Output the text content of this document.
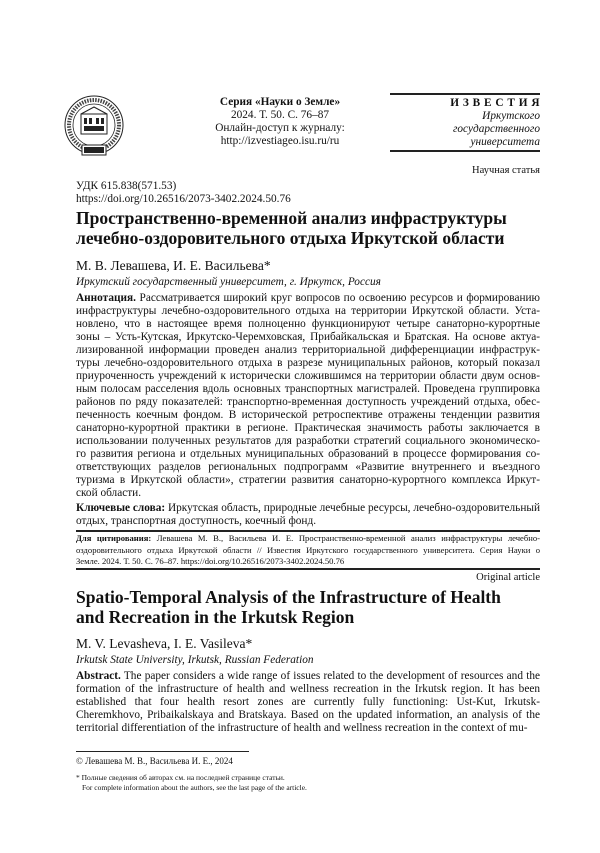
Серия «Науки о Земле»
2024. Т. 50. С. 76–87
Онлайн-доступ к журналу:
http://izvestiageo.isu.ru/ru
И З В Е С Т И Я
Иркутского
государственного
университета
Научная статья
УДК 615.838(571.53)
https://doi.org/10.26516/2073-3402.2024.50.76
Пространственно-временной анализ инфраструктуры
лечебно-оздоровительного отдыха Иркутской области
М. В. Левашева, И. Е. Васильева*
Иркутский государственный университет, г. Иркутск, Россия
Аннотация. Рассматривается широкий круг вопросов по освоению ресурсов и формированию
инфраструктуры лечебно-оздоровительного отдыха на территории Иркутской области. Уста-
новлено, что в настоящее время полноценно функционируют четыре санаторно-курортные
зоны – Усть-Кутская, Иркутско-Черемховская, Прибайкальская и Братская. На основе актуа-
лизированной информации проведен анализ территориальной дифференциации инфраструк-
туры лечебно-оздоровительного отдыха в разрезе муниципальных районов, который показал
приуроченность учреждений к исторически сложившимся на территории области двум основ-
ным полосам расселения вдоль основных транспортных магистралей. Проведена группировка
районов по ряду показателей: транспортно-временная доступность учреждений отдыха, обес-
печенность коечным фондом. В исторической ретроспективе отражены тенденции развития
санаторно-курортной практики в регионе. Практическая значимость работы заключается в
использовании полученных результатов для разработки стратегий социального экономическо-
го развития региона и отдельных муниципальных образований в процессе формирования со-
ответствующих разделов региональных подпрограмм «Развитие внутреннего и въездного
туризма в Иркутской области», стратегии развития санаторно-курортного комплекса Иркут-
ской области.
Ключевые слова: Иркутская область, природные лечебные ресурсы, лечебно-оздоровительный
отдых, транспортная доступность, коечный фонд.
Для цитирования: Левашева М. В., Васильева И. Е. Пространственно-временной анализ инфраструктуры лечебно-
оздоровительного отдыха Иркутской области // Известия Иркутского государственного университета. Серия Науки о
Земле. 2024. Т. 50. С. 76–87. https://doi.org/10.26516/2073-3402.2024.50.76
Original article
Spatio-Temporal Analysis of the Infrastructure of Health
and Recreation in the Irkutsk Region
M. V. Levasheva, I. E. Vasileva*
Irkutsk State University, Irkutsk, Russian Federation
Abstract. The paper considers a wide range of issues related to the development of resources and the
formation of the infrastructure of health and wellness recreation in the Irkutsk region. It has been
established that four health resort zones are currently fully functioning: Ust-Kut, Irkutsk-
Cheremkhovo, Pribaikalskaya and Bratskaya. Based on the updated information, an analysis of the
territorial differentiation of the infrastructure of health and wellness recreation in the context of mu-
© Левашева М. В., Васильева И. Е., 2024
* Полные сведения об авторах см. на последней странице статьи.
For complete information about the authors, see the last page of the article.
